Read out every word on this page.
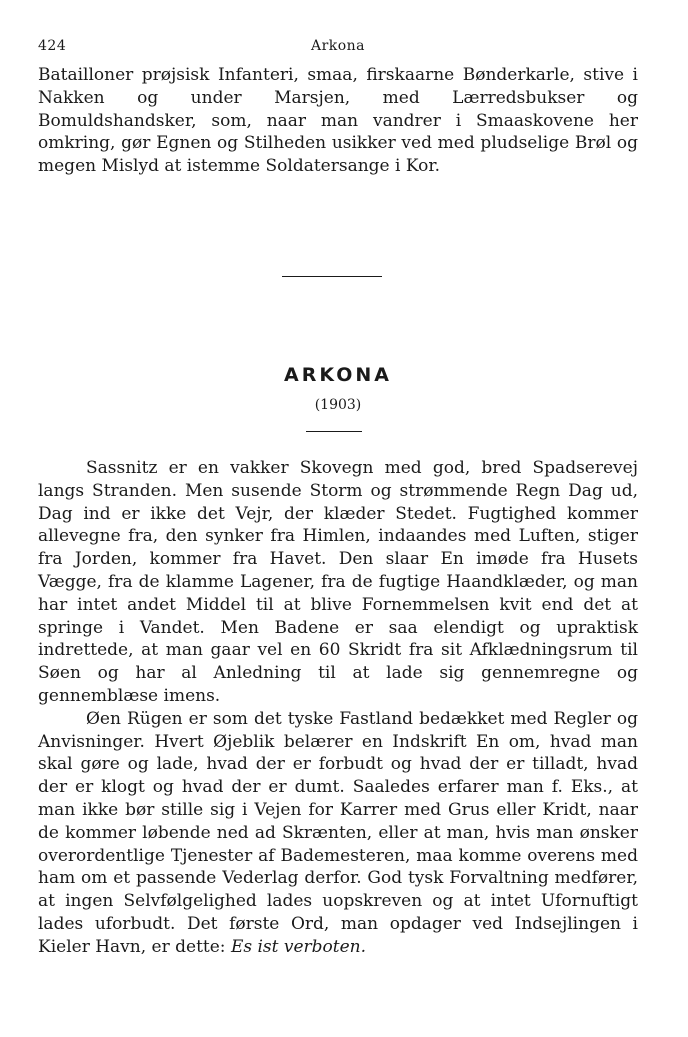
424	Arkona

Batailloner prøjsisk Infanteri, smaa, firskaarne Bønderkarle, stive i Nakken og under Marsjen, med Lærredsbukser og Bomuldshandsker, som, naar man vandrer i Smaaskovene her omkring, gør Egnen og Stilheden usikker ved med pludselige Brøl og megen Mislyd at istemme Soldatersange i Kor.

ARKONA
(1903)

Sassnitz er en vakker Skovegn med god, bred Spadserevej langs Stranden. Men susende Storm og strømmende Regn Dag ud, Dag ind er ikke det Vejr, der klæder Stedet. Fugtighed kommer allevegne fra, den synker fra Himlen, indaandes med Luften, stiger fra Jorden, kommer fra Havet. Den slaar En imøde fra Husets Vægge, fra de klamme Lagener, fra de fugtige Haandklæder, og man har intet andet Middel til at blive Fornemmelsen kvit end det at springe i Vandet. Men Badene er saa elendigt og upraktisk indrettede, at man gaar vel en 60 Skridt fra sit Afklædningsrum til Søen og har al Anledning til at lade sig gennemregne og gennemblæse imens.

Øen Rügen er som det tyske Fastland bedækket med Regler og Anvisninger. Hvert Øjeblik belærer en Indskrift En om, hvad man skal gøre og lade, hvad der er forbudt og hvad der er tilladt, hvad der er klogt og hvad der er dumt. Saaledes erfarer man f. Eks., at man ikke bør stille sig i Vejen for Karrer med Grus eller Kridt, naar de kommer løbende ned ad Skrænten, eller at man, hvis man ønsker overordentlige Tjenester af Bademesteren, maa komme overens med ham om et passende Vederlag derfor. God tysk Forvaltning medfører, at ingen Selvfølgelighed lades uopskreven og at intet Ufornuftigt lades uforbudt. Det første Ord, man opdager ved Indsejlingen i Kieler Havn, er dette: Es ist verboten.
